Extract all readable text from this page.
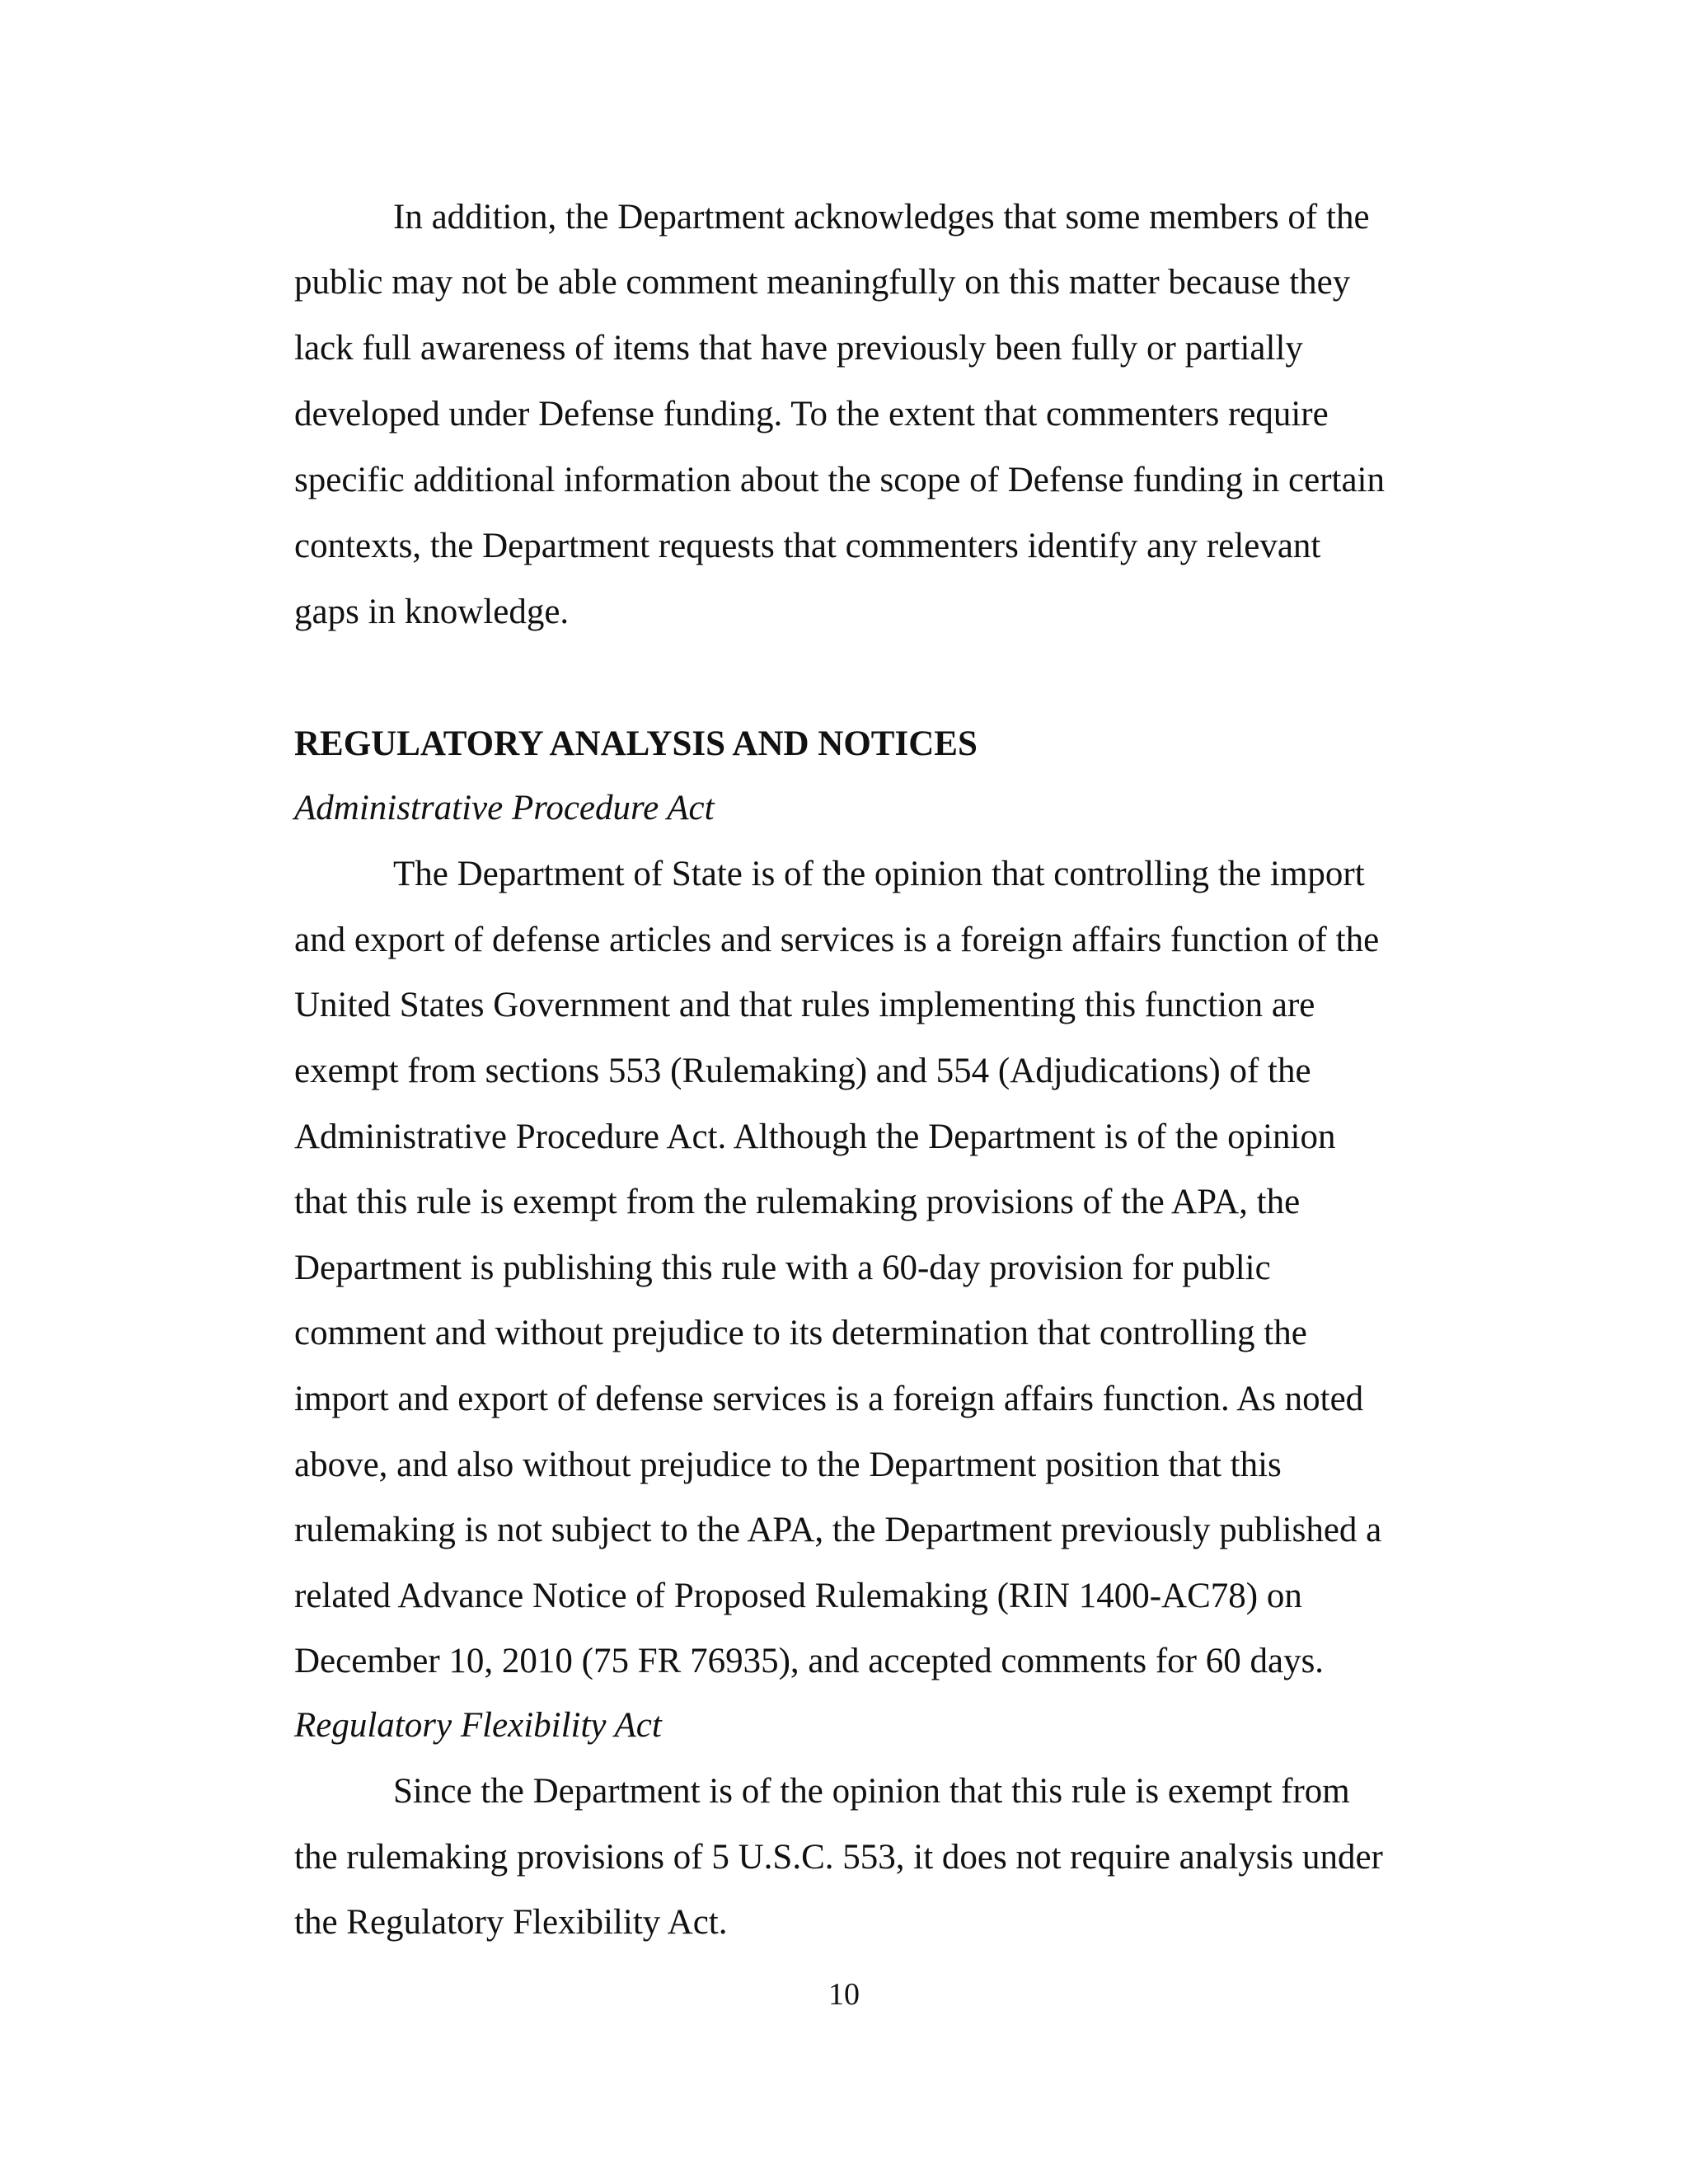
In addition, the Department acknowledges that some members of the

public may not be able comment meaningfully on this matter because they

lack full awareness of items that have previously been fully or partially

developed under Defense funding. To the extent that commenters require

specific additional information about the scope of Defense funding in certain

contexts, the Department requests that commenters identify any relevant

gaps in knowledge.

REGULATORY ANALYSIS AND NOTICES
Administrative Procedure Act

The Department of State is of the opinion that controlling the import

and export of defense articles and services is a foreign affairs function of the

United States Government and that rules implementing this function are

exempt from sections 553 (Rulemaking) and 554 (Adjudications) of the

Administrative Procedure Act. Although the Department is of the opinion

that this rule is exempt from the rulemaking provisions of the APA, the

Department is publishing this rule with a 60-day provision for public

comment and without prejudice to its determination that controlling the

import and export of defense services is a foreign affairs function. As noted

above, and also without prejudice to the Department position that this

rulemaking is not subject to the APA, the Department previously published a

related Advance Notice of Proposed Rulemaking (RIN 1400-AC78) on

December 10, 2010 (75 FR 76935), and accepted comments for 60 days.

Regulatory Flexibility Act

Since the Department is of the opinion that this rule is exempt from

the rulemaking provisions of 5 U.S.C. 553, it does not require analysis under

the Regulatory Flexibility Act.

10
